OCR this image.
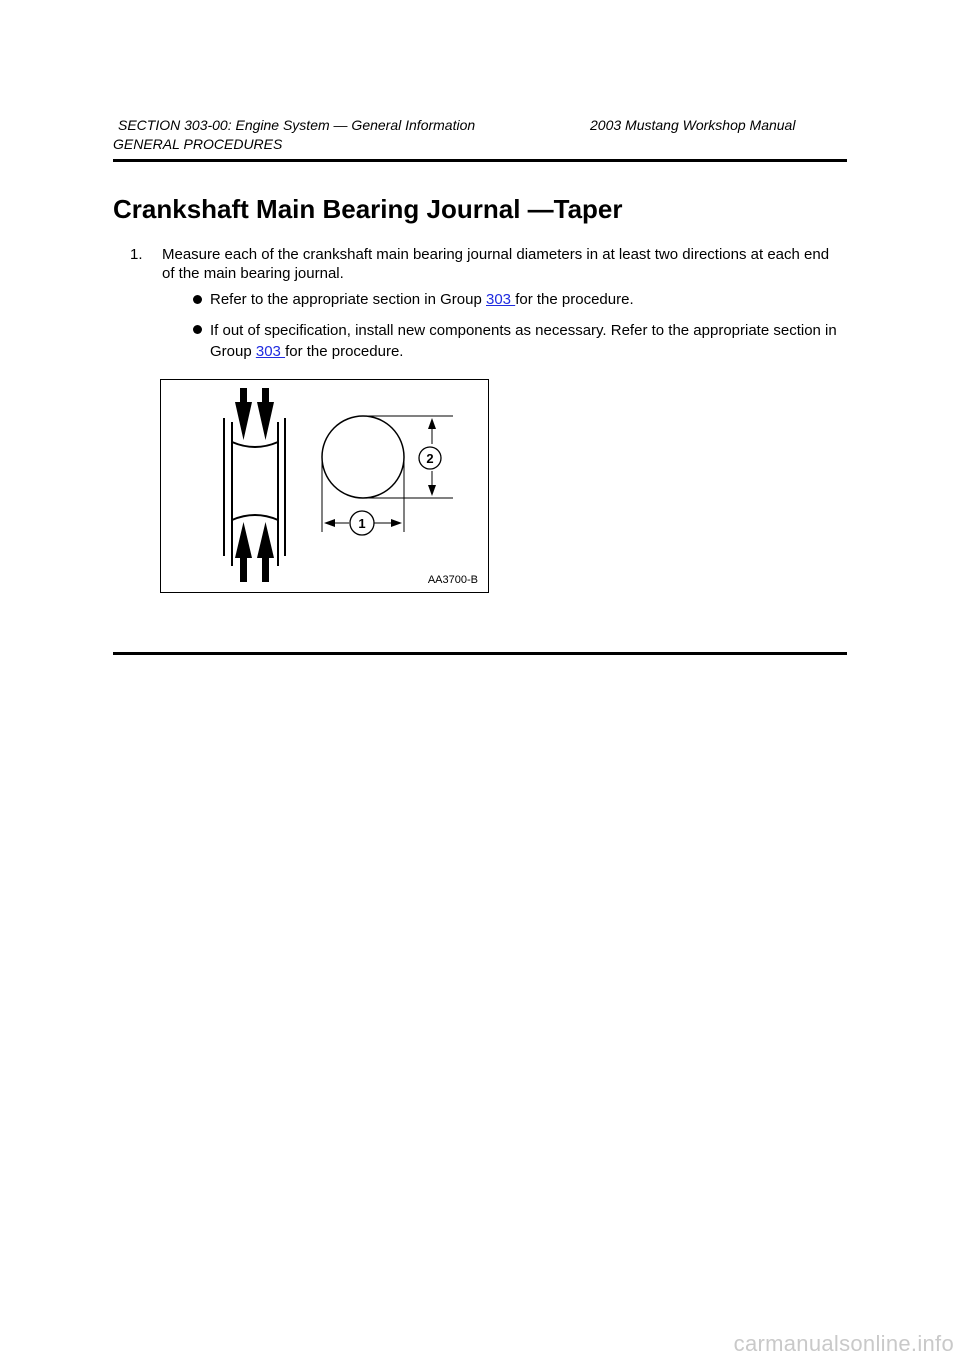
SECTION 303-00: Engine System — General Information	2003 Mustang Workshop Manual
GENERAL PROCEDURES
Crankshaft Main Bearing Journal —Taper
1. Measure each of the crankshaft main bearing journal diameters in at least two directions at each end of the main bearing journal.
Refer to the appropriate section in Group 303 for the procedure.
If out of specification, install new components as necessary. Refer to the appropriate section in Group 303 for the procedure.
2
1
AA3700-B
carmanualsonline.info
